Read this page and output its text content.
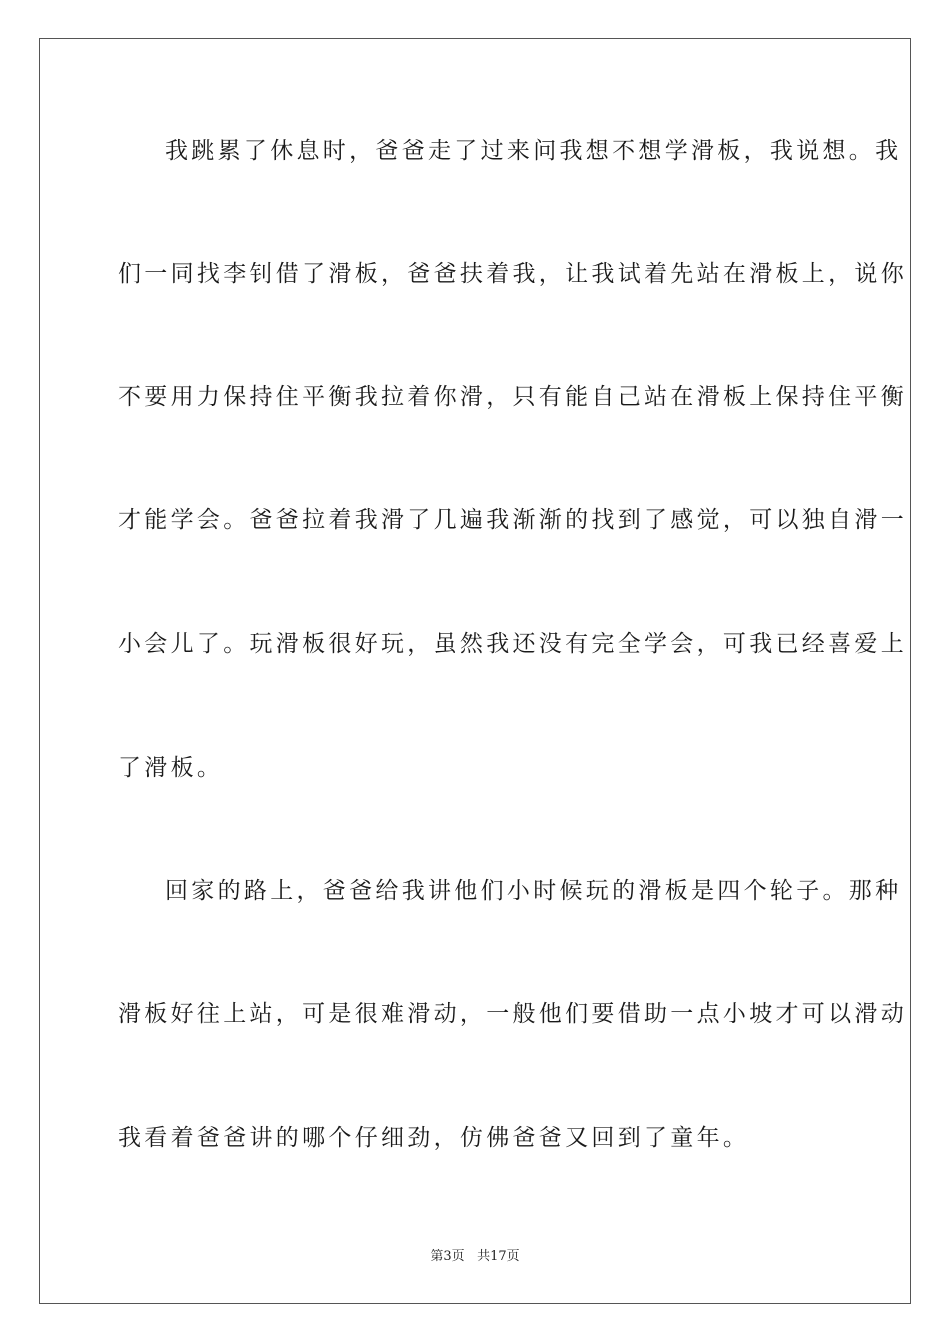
我跳累了休息时，爸爸走了过来问我想不想学滑板，我说想。我
们一同找李钊借了滑板，爸爸扶着我，让我试着先站在滑板上，说你
不要用力保持住平衡我拉着你滑，只有能自己站在滑板上保持住平衡
才能学会。爸爸拉着我滑了几遍我渐渐的找到了感觉，可以独自滑一
小会儿了。玩滑板很好玩，虽然我还没有完全学会，可我已经喜爱上
了滑板。
回家的路上，爸爸给我讲他们小时候玩的滑板是四个轮子。那种
滑板好往上站，可是很难滑动，一般他们要借助一点小坡才可以滑动
我看着爸爸讲的哪个仔细劲，仿佛爸爸又回到了童年。
第3页 共17页
